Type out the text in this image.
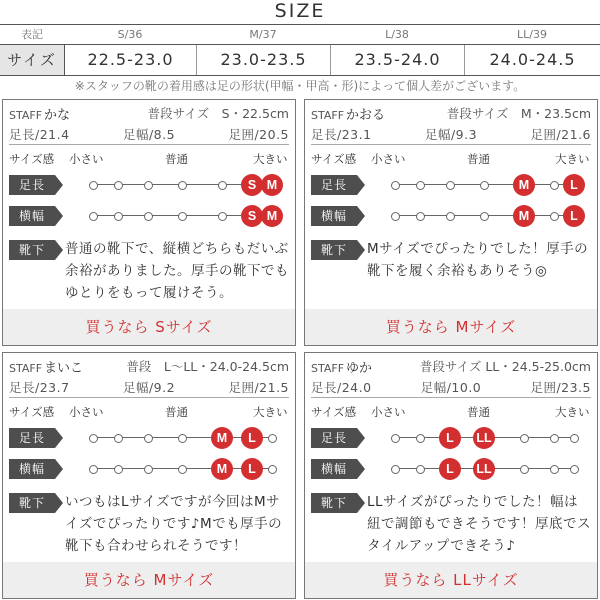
SIZE
表記	S/36	M/37	L/38	LL/39
サイズ	22.5-23.0	23.0-23.5	23.5-24.0	24.0-24.5
※スタッフの靴の着用感は足の形状(甲幅・甲高・形)によって個人差がございます。
STAFF かな	普段サイズ　S・22.5cm
足長/21.4	足幅/8.5	足囲/20.5
サイズ感 小さい	普通	大きい
足長	S M
横幅	S M
靴下	普通の靴下で、縦横どちらもだいぶ余裕がありました。厚手の靴下でもゆとりをもって履けそう。
買うなら Sサイズ
STAFF かおる	普段サイズ　M・23.5cm
足長/23.1	足幅/9.3	足囲/21.6
サイズ感 小さい	普通	大きい
足長	M	L
横幅	M	L
靴下	Mサイズでぴったりでした！厚手の靴下を履く余裕もありそう◎
買うなら Mサイズ
STAFF まいこ	普段　L〜LL・24.0-24.5cm
足長/23.7	足幅/9.2	足囲/21.5
サイズ感 小さい	普通	大きい
足長	M	L
横幅	M	L
靴下	いつもはLサイズですが今回はMサイズでぴったりです♪Mでも厚手の靴下も合わせられそうです！
買うなら Mサイズ
STAFF ゆか	普段サイズ LL・24.5-25.0cm
足長/24.0	足幅/10.0	足囲/23.5
サイズ感 小さい	普通	大きい
足長	L	LL
横幅	L	LL
靴下	LLサイズがぴったりでした！幅は紐で調節もできそうです！厚底でスタイルアップできそう♪
買うなら LLサイズ
